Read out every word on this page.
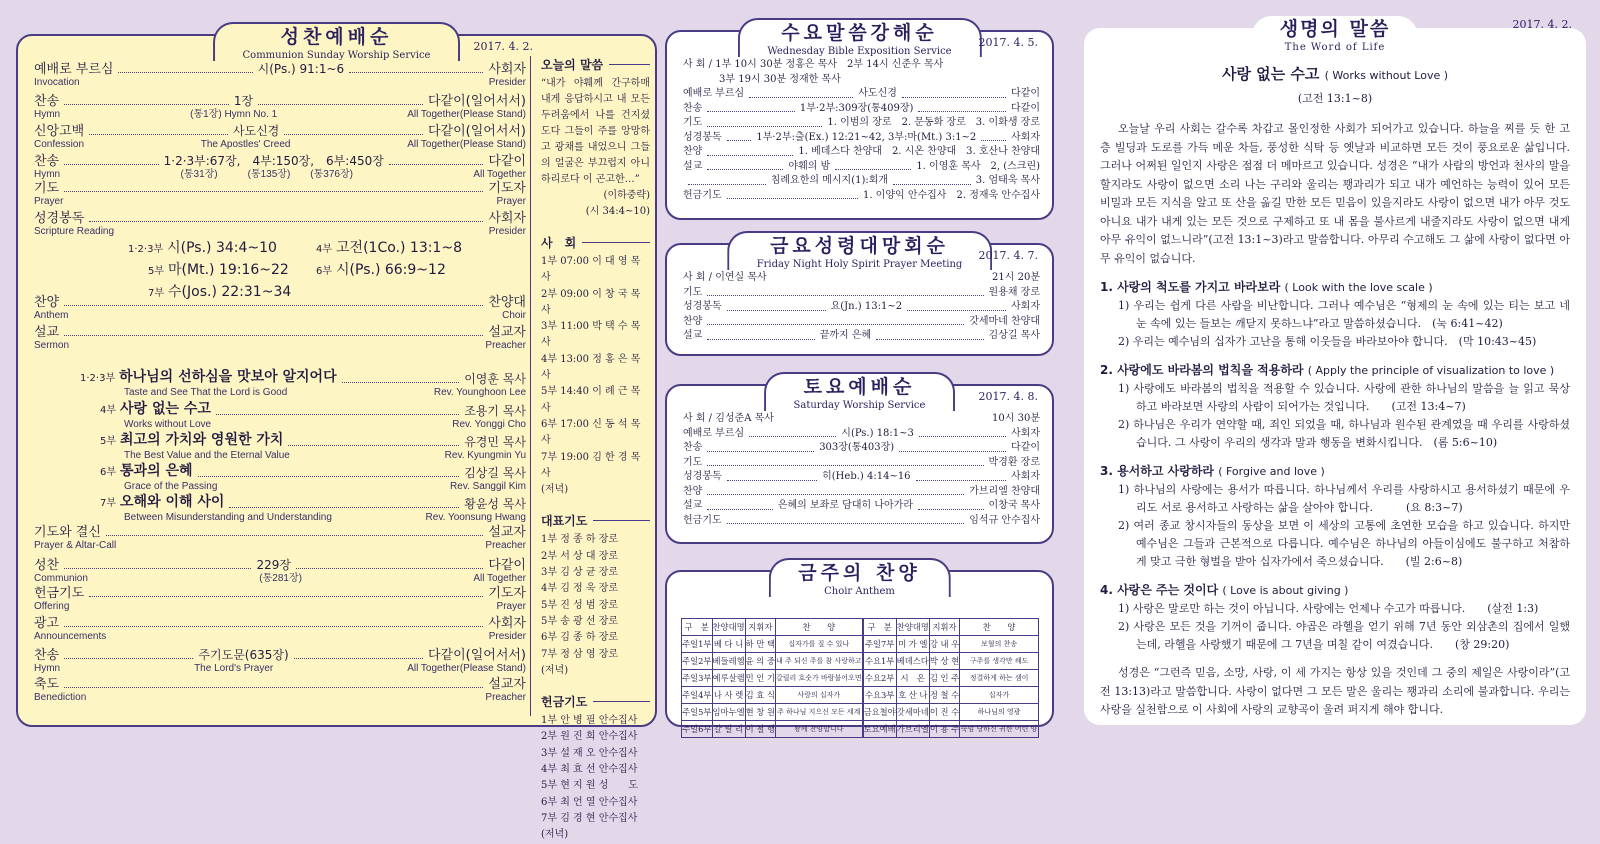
성찬예배순
Communion Sunday Worship Service
2017. 4. 2.
예배로 부르심	시(Ps.) 91:1~6	사회자
Invocation	Presider
찬송	1장	다같이(일어서서)
Hymn	(통1장) Hymn No. 1	All Together(Please Stand)
신앙고백	사도신경	다같이(일어서서)
Confession	The Apostles' Creed	All Together(Please Stand)
찬송	1·2·3부:67장,　4부:150장,　6부:450장	다같이
Hymn	(통31장)　　　(통135장)　　(통376장)	All Together
기도	기도자
Prayer	Prayer
성경봉독	사회자
Scripture Reading	Presider
찬양	찬양대
Anthem	Choir
설교	설교자
Sermon	Preacher
기도와 결신	설교자
Prayer & Altar-Call	Preacher
성찬	229장	다같이
Communion	(통281장)	All Together
헌금기도	기도자
Offering	Prayer
광고	사회자
Announcements	Presider
찬송	주기도문(635장)	다같이(일어서서)
Hymn	The Lord's Prayer	All Together(Please Stand)
축도	설교자
Benediction	Preacher
1·2·3부 시(Ps.) 34:4~10	4부 고전(1Co.) 13:1~8
5부 마(Mt.) 19:16~22	6부 시(Ps.) 66:9~12
7부 수(Jos.) 22:31~34
1·2·3부 하나님의 선하심을 맛보아 알지어다	이영훈 목사
Taste and See That the Lord is Good	Rev. Younghoon Lee
4부 사랑 없는 수고	조용기 목사
Works without Love	Rev. Yonggi Cho
5부 최고의 가치와 영원한 가치	유경민 목사
The Best Value and the Eternal Value	Rev. Kyungmin Yu
6부 통과의 은혜	김상길 목사
Grace of the Passing	Rev. Sanggil Kim
7부 오해와 이해 사이	황윤성 목사
Between Misunderstanding and Understanding	Rev. Yoonsung Hwang
오늘의 말씀
“내가 야훼께 간구하매 내게 응답하시고 내 모든 두려움에서 나를 건지셨도다 그들이 주를 앙망하고 광채를 내었으니 그들의 얼굴은 부끄럽지 아니하리로다 이 곤고한…”
(이하중략)
(시 34:4~10)
사　회
1부 07:00 이 대 영 목사
2부 09:00 이 창 국 목사
3부 11:00 박 택 수 목사
4부 13:00 정 홍 은 목사
5부 14:40 이 례 근 목사
6부 17:00 신 동 석 목사
7부 19:00 김 한 경 목사
(저녁)
대표기도
1부 정 종 하 장로
2부 서 상 대 장로
3부 김 상 균 장로
4부 김 정 욱 장로
5부 진 성 범 장로
5부 송 광 선 장로
6부 김 종 하 장로
7부 정 삼 영 장로
(저녁)
헌금기도
1부 안 병 필 안수집사
2부 원 진 희 안수집사
3부 설 재 오 안수집사
4부 최 효 선 안수집사
5부 현 지 원 성　　도
6부 최 언 열 안수집사
7부 김 경 현 안수집사
(저녁)
수요말씀강해순
Wednesday Bible Exposition Service
2017. 4. 5.
사 회 / 1부 10시 30분 정홍은 목사　2부 14시 신준우 목사
3부 19시 30분 정재한 목사
예배로 부르심	사도신경	다같이
찬송	1부·2부:309장(통409장)	다같이
기도	1. 이범의 장로　2. 문동화 장로　3. 이화생 장로
성경봉독	1부·2부:출(Ex.) 12:21~42, 3부:마(Mt.) 3:1~2	사회자
찬양	1. 베데스다 찬양대　2. 시온 찬양대　3. 호산나 찬양대
설교	야훼의 밤	1. 이영훈 목사　2, (스크린)
침례요한의 메시지(1):회개	3. 엄태욱 목사
헌금기도	1. 이양익 안수집사　2. 정재욱 안수집사
금요성령대망회순
Friday Night Holy Spirit Prayer Meeting
2017. 4. 7.
사 회 / 이연실 목사	21시 20분
기도	원용채 장로
성경봉독	요(Jn.) 13:1~2	사회자
찬양	갓세마네 찬양대
설교	끝까지 은혜	김상길 목사
토요예배순
Saturday Worship Service
2017. 4. 8.
사 회 / 김성준A 목사	10시 30분
예배로 부르심	시(Ps.) 18:1~3	사회자
찬송	303장(통403장)	다같이
기도	박경환 장로
성경봉독	히(Heb.) 4:14~16	사회자
찬양	가브리엘 찬양대
설교	은혜의 보좌로 담대히 나아가라	이창국 목사
헌금기도	임석규 안수집사
금주의 찬양
Choir Anthem
구　분	찬양대명	지휘자	찬　　양	구　분	찬양대명	지휘자	찬　　양
주일1부	베 다 니	하 만 택	십자가를 질 수 있나	주일7부	미 가 엘	강 내 우	보혈의 찬송
주일2부	베들레헴	윤 의 중	내 주 되신 주를 참 사랑하고	수요1부	베데스다	박 상 현	구주를 생각만 해도
주일3부	예루살렘	민 인 기	갈릴리 호숫가 바람불어오면	수요2부	시　온	김 인 주	정결하게 하는 샘이
주일4부	나 사 렛	김 효 식	사랑의 십자가	수요3부	호 산 나	정 철 수	십자가
주일5부	임마누엘	현 창 원	주 하나님 지으신 모든 세계	금요철야	갓세마네	이 진 수	하나님의 영광
주일6부	갈 릴 리	이 철 행	왕께 찬양합니다	토요예배	가브리엘	이 용 주	죽임 당하신 귀한 어린 양
생명의 말씀
The Word of Life
2017. 4. 2.
사랑 없는 수고 ( Works without Love )
(고전 13:1~8)
오늘날 우리 사회는 갈수록 차갑고 몰인정한 사회가 되어가고 있습니다. 하늘을 찌를 듯 한 고층 빌딩과 도로를 가득 메운 차들, 풍성한 식탁 등 옛날과 비교하면 모든 것이 풍요로운 삶입니다. 그러나 어쩌된 일인지 사랑은 점점 더 메마르고 있습니다. 성경은 “내가 사람의 방언과 천사의 말을 할지라도 사랑이 없으면 소리 나는 구리와 울리는 꽹과리가 되고 내가 예언하는 능력이 있어 모든 비밀과 모든 지식을 알고 또 산을 옮길 만한 모든 믿음이 있을지라도 사랑이 없으면 내가 아무 것도 아니요 내가 내게 있는 모든 것으로 구제하고 또 내 몸을 불사르게 내줄지라도 사랑이 없으면 내게 아무 유익이 없느니라”(고전 13:1~3)라고 말씀합니다. 아무리 수고해도 그 삶에 사랑이 없다면 아무 유익이 없습니다.
1. 사랑의 척도를 가지고 바라보라 ( Look with the love scale )
1) 우리는 쉽게 다른 사람을 비난합니다. 그러나 예수님은 “형제의 눈 속에 있는 티는 보고 네 눈 속에 있는 들보는 깨닫지 못하느냐”라고 말씀하셨습니다.　(눅 6:41~42)
2) 우리는 예수님의 십자가 고난을 통해 이웃들을 바라보아야 합니다.　(막 10:43~45)
2. 사랑에도 바라봄의 법칙을 적용하라 ( Apply the principle of visualization to love )
1) 사랑에도 바라봄의 법칙을 적용할 수 있습니다. 사랑에 관한 하나님의 말씀을 늘 읽고 묵상하고 바라보면 사랑의 사람이 되어가는 것입니다.　　(고전 13:4~7)
2) 하나님은 우리가 연약할 때, 죄인 되었을 때, 하나님과 원수된 관계였을 때 우리를 사랑하셨습니다. 그 사랑이 우리의 생각과 말과 행동을 변화시킵니다.　(롬 5:6~10)
3. 용서하고 사랑하라 ( Forgive and love )
1) 하나님의 사랑에는 용서가 따릅니다. 하나님께서 우리를 사랑하시고 용서하셨기 때문에 우리도 서로 용서하고 사랑하는 삶을 살아야 합니다.　　　(요 8:3~7)
2) 여러 종교 창시자들의 동상을 보면 이 세상의 고통에 초연한 모습을 하고 있습니다. 하지만 예수님은 그들과 근본적으로 다릅니다. 예수님은 하나님의 아들이심에도 불구하고 처참하게 맞고 극한 형벌을 받아 십자가에서 죽으셨습니다.　　(빌 2:6~8)
4. 사랑은 주는 것이다 ( Love is about giving )
1) 사랑은 말로만 하는 것이 아닙니다. 사랑에는 언제나 수고가 따릅니다.　　(살전 1:3)
2) 사랑은 모든 것을 기꺼이 줍니다. 야곱은 라헬을 얻기 위해 7년 동안 외삼촌의 집에서 일했는데, 라헬을 사랑했기 때문에 그 7년을 며칠 같이 여겼습니다.　　(창 29:20)
성경은 “그런즉 믿음, 소망, 사랑, 이 세 가지는 항상 있을 것인데 그 중의 제일은 사랑이라”(고전 13:13)라고 말씀합니다. 사랑이 없다면 그 모든 말은 울리는 꽹과리 소리에 불과합니다. 우리는 사랑을 실천함으로 이 사회에 사랑의 교향곡이 울려 퍼지게 해야 합니다.
